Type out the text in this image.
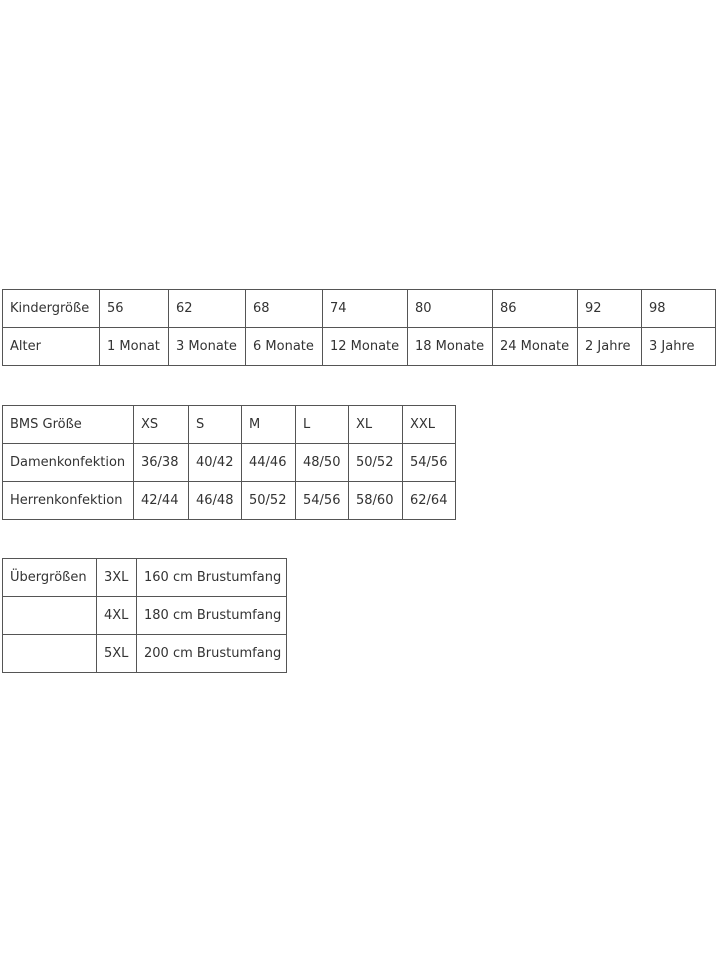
Kindergröße	56	62	68	74	80	86	92	98
Alter	1 Monat	3 Monate	6 Monate	12 Monate	18 Monate	24 Monate	2 Jahre	3 Jahre
BMS Größe	XS	S	M	L	XL	XXL
Damenkonfektion	36/38	40/42	44/46	48/50	50/52	54/56
Herrenkonfektion	42/44	46/48	50/52	54/56	58/60	62/64
Übergrößen	3XL	160 cm Brustumfang
	4XL	180 cm Brustumfang
	5XL	200 cm Brustumfang
